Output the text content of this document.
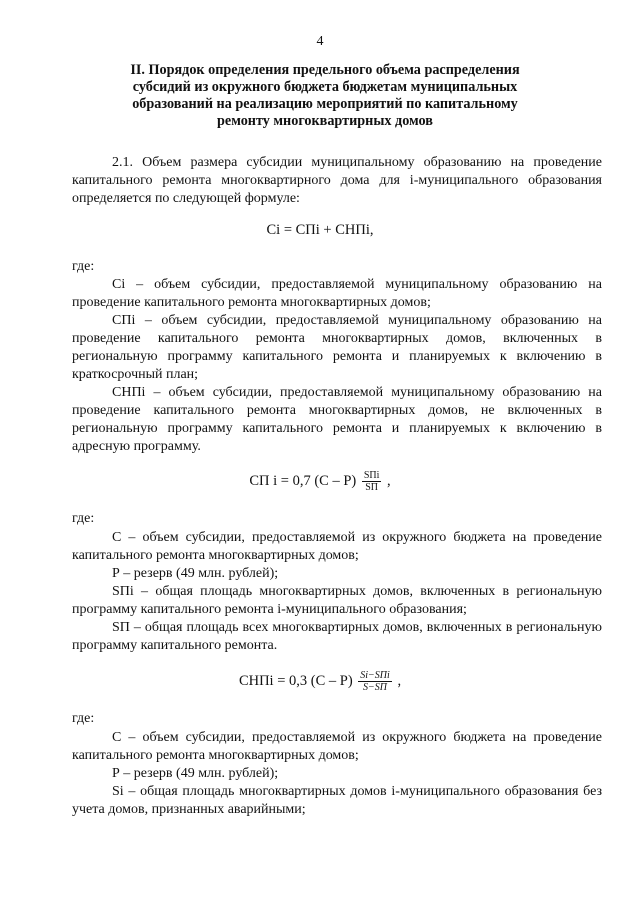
4
II. Порядок определения предельного объема распределения субсидий из окружного бюджета бюджетам муниципальных образований на реализацию мероприятий по капитальному ремонту многоквартирных домов
2.1. Объем размера субсидии муниципальному образованию на проведение капитального ремонта многоквартирного дома для i-муниципального образования определяется по следующей формуле:
Ci = СПi + СНПi,
где:
Ci – объем субсидии, предоставляемой муниципальному образованию на проведение капитального ремонта многоквартирных домов;
СПi – объем субсидии, предоставляемой муниципальному образованию на проведение капитального ремонта многоквартирных домов, включенных в региональную программу капитального ремонта и планируемых к включению в краткосрочный план;
СНПi – объем субсидии, предоставляемой муниципальному образованию на проведение капитального ремонта многоквартирных домов, не включенных в региональную программу капитального ремонта и планируемых к включению в адресную программу.
СП i = 0,7 $(С - Р) \frac{\text{SПi}}{SП}$ ,
где:
С – объем субсидии, предоставляемой из окружного бюджета на проведение капитального ремонта многоквартирных домов;
Р – резерв (49 млн. рублей);
SПi – общая площадь многоквартирных домов, включенных в региональную программу капитального ремонта i-муниципального образования;
SП – общая площадь всех многоквартирных домов, включенных в региональную программу капитального ремонта.
СНПi = 0,3 $(С - Р) \frac{\text{Si−SПi}}{S-SП}$ ,
где:
С – объем субсидии, предоставляемой из окружного бюджета на проведение капитального ремонта многоквартирных домов;
Р – резерв (49 млн. рублей);
Si – общая площадь многоквартирных домов i-муниципального образования без учета домов, признанных аварийными;
